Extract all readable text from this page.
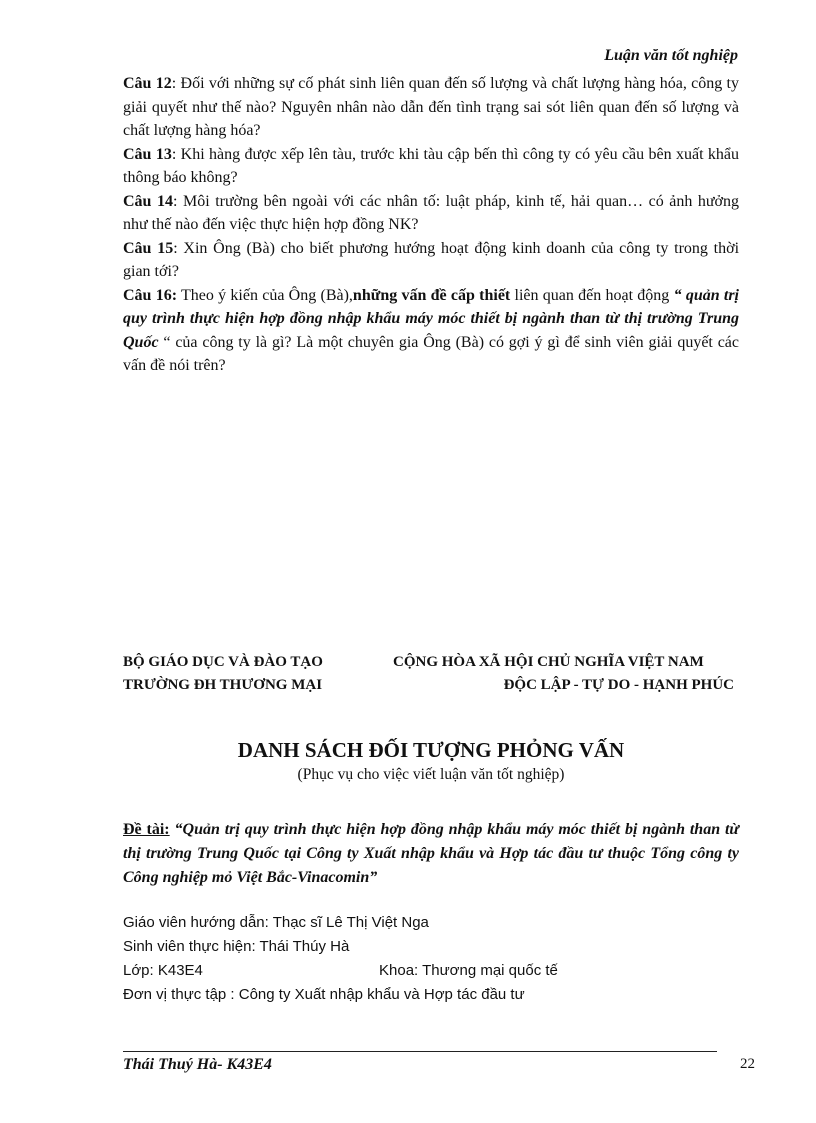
Luận văn tốt nghiệp

Câu 12: Đối với những sự cố phát sinh liên quan đến số lượng và chất lượng hàng hóa, công ty giải quyết như thế nào? Nguyên nhân nào dẫn đến tình trạng sai sót liên quan đến số lượng và chất lượng hàng hóa?

Câu 13: Khi hàng được xếp lên tàu, trước khi tàu cập bến thì công ty có yêu cầu bên xuất khẩu thông báo không?

Câu 14: Môi trường bên ngoài với các nhân tố: luật pháp, kinh tế, hải quan… có ảnh hưởng như thế nào đến việc thực hiện hợp đồng NK?

Câu 15: Xin Ông (Bà) cho biết phương hướng hoạt động kinh doanh của công ty trong thời gian tới?

Câu 16: Theo ý kiến của Ông (Bà),những vấn đề cấp thiết liên quan đến hoạt động “ quản trị quy trình thực hiện hợp đồng nhập khẩu máy móc thiết bị ngành than từ thị trường Trung Quốc “ của công ty là gì? Là một chuyên gia Ông (Bà) có gợi ý gì để sinh viên giải quyết các vấn đề nói trên?

BỘ GIÁO DỤC VÀ ĐÀO TẠO
TRƯỜNG ĐH THƯƠNG MẠI
CỘNG HÒA XÃ HỘI CHỦ NGHĨA VIỆT NAM
ĐỘC LẬP - TỰ DO - HẠNH PHÚC
DANH SÁCH ĐỐI TƯỢNG PHỎNG VẤN
(Phục vụ cho việc viết luận văn tốt nghiệp)
Đề tài: “Quản trị quy trình thực hiện hợp đồng nhập khẩu máy móc thiết bị ngành than từ thị trường Trung Quốc tại Công ty Xuất nhập khẩu và Hợp tác đầu tư thuộc Tổng công ty Công nghiệp mỏ Việt Bắc-Vinacomin”
Giáo viên hướng dẫn: Thạc sĩ Lê Thị Việt Nga
Sinh viên thực hiện: Thái Thúy Hà
Lớp: K43E4	Khoa: Thương mại quốc tế
Đơn vị thực tập : Công ty Xuất nhập khẩu và Hợp tác đầu tư
Thái Thuý Hà- K43E4	22
